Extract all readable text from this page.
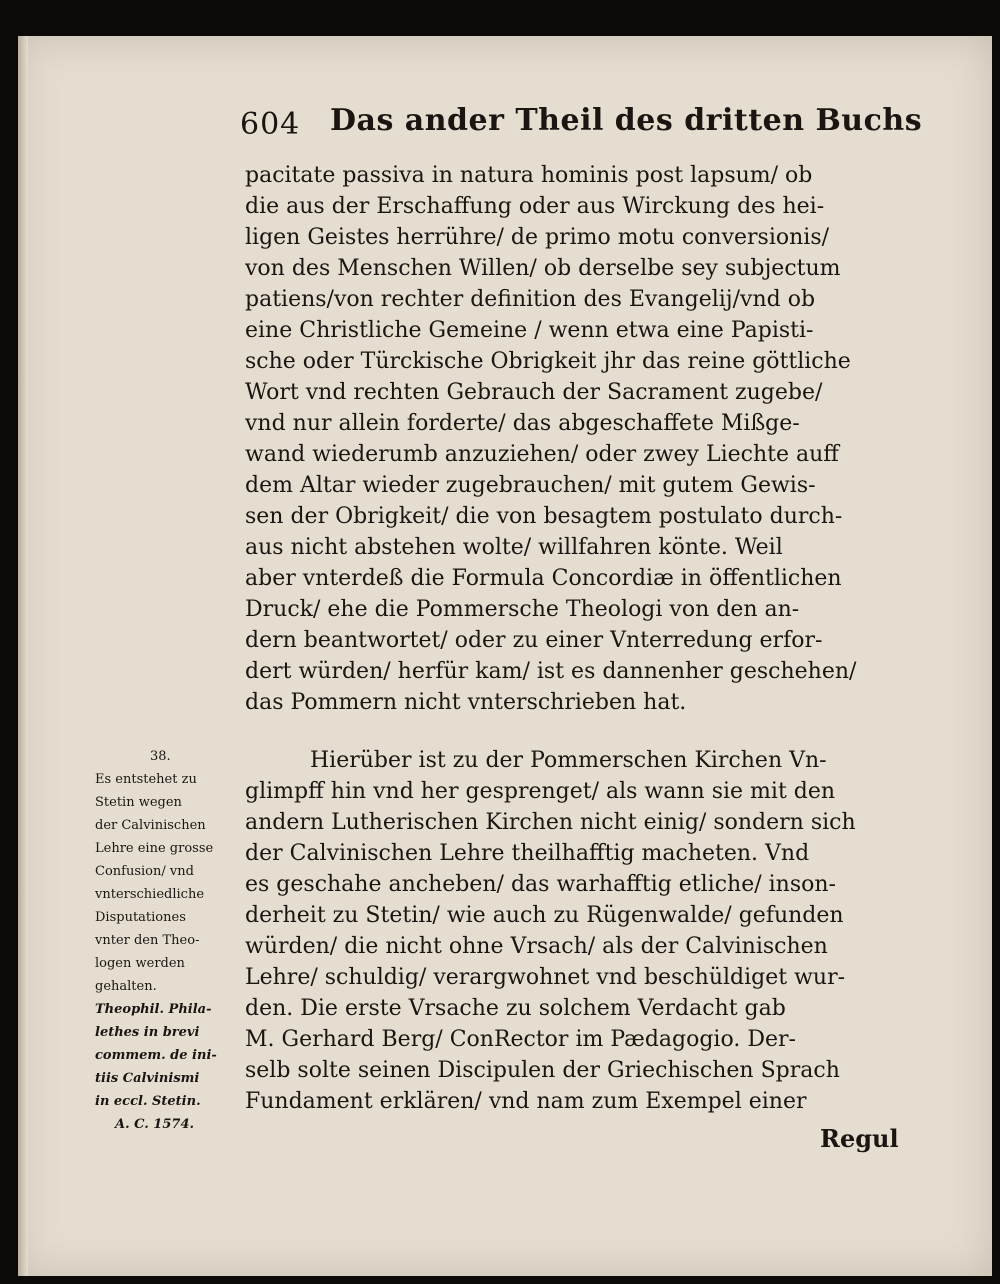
604 Das ander Theil des dritten Buchs
pacitate passiva in natura hominis post lapsum/ ob
die aus der Erschaffung oder aus Wirckung des hei-
ligen Geistes herrühre/ de primo motu conversionis/
von des Menschen Willen/ ob derselbe sey subjectum
patiens/von rechter definition des Evangelij/vnd ob
eine Christliche Gemeine / wenn etwa eine Papisti-
sche oder Türckische Obrigkeit jhr das reine göttliche
Wort vnd rechten Gebrauch der Sacrament zugebe/
vnd nur allein forderte/ das abgeschaffete Mißge-
wand wiederumb anzuziehen/ oder zwey Liechte auff
dem Altar wieder zugebrauchen/ mit gutem Gewis-
sen der Obrigkeit/ die von besagtem postulato durch-
aus nicht abstehen wolte/ willfahren könte. Weil
aber vnterdeß die Formula Concordiæ in öffentlichen
Druck/ ehe die Pommersche Theologi von den an-
dern beantwortet/ oder zu einer Vnterredung erfor-
dert würden/ herfür kam/ ist es dannenher geschehen/
das Pommern nicht vnterschrieben hat.
Hierüber ist zu der Pommerschen Kirchen Vn-
glimpff hin vnd her gesprenget/ als wann sie mit den
andern Lutherischen Kirchen nicht einig/ sondern sich
der Calvinischen Lehre theilhafftig macheten. Vnd
es geschahe ancheben/ das warhafftig etliche/ inson-
derheit zu Stetin/ wie auch zu Rügenwalde/ gefunden
würden/ die nicht ohne Vrsach/ als der Calvinischen
Lehre/ schuldig/ verargwohnet vnd beschüldiget wur-
den. Die erste Vrsache zu solchem Verdacht gab
M. Gerhard Berg/ ConRector im Pædagogio. Der-
selb solte seinen Discipulen der Griechischen Sprach
Fundament erklären/ vnd nam zum Exempel einer
Regul
38.
Es entstehet zu
Stetin wegen
der Calvinischen
Lehre eine grosse
Confusion/ vnd
vnterschiedliche
Disputationes
vnter den Theo-
logen werden
gehalten.
Theophil. Phila-
lethes in brevi
commem. de ini-
tiis Calvinismi
in eccl. Stetin.
A. C. 1574.
